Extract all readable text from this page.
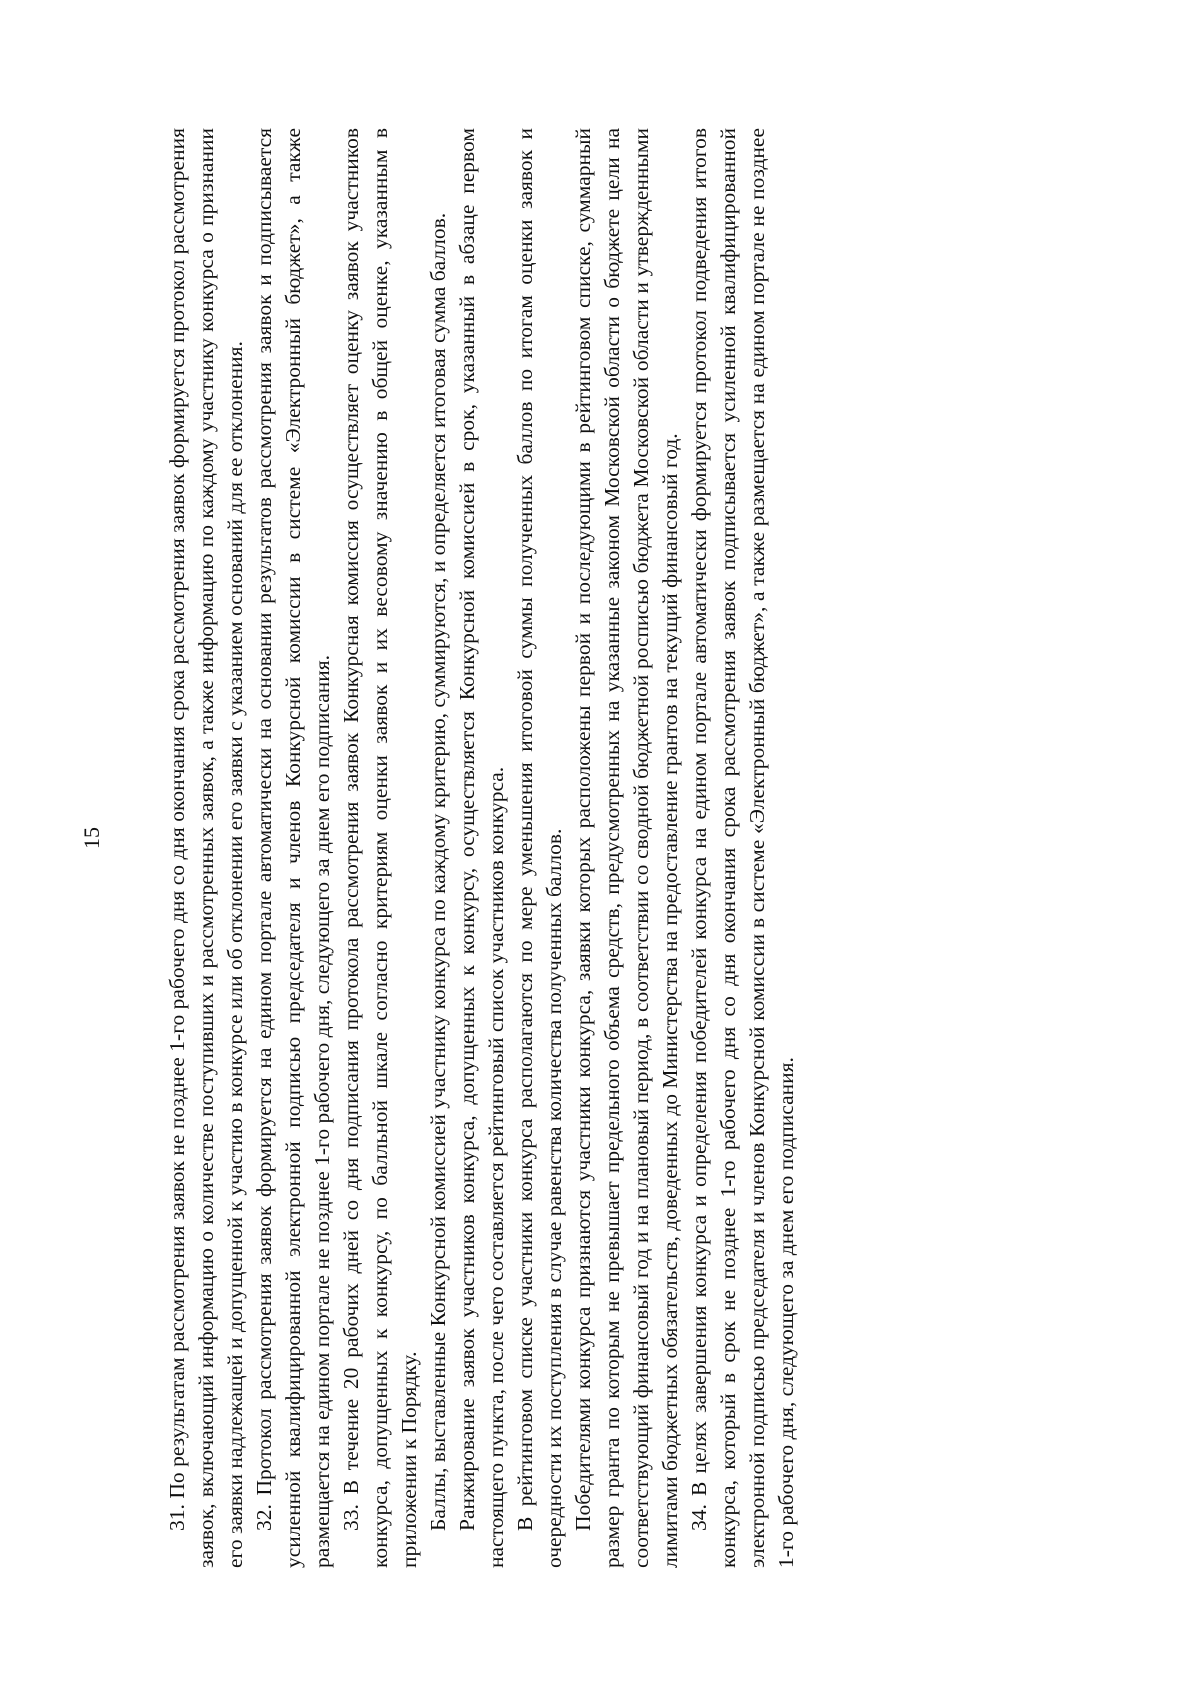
15	31. По результатам рассмотрения заявок не позднее 1-го рабочего дня со дня окончания срока рассмотрения заявок формируется протокол рассмотрения заявок, включающий информацию о количестве поступивших и рассмотренных заявок, а также информацию по каждому участнику конкурса о признании его заявки надлежащей и допущенной к участию в конкурсе или об отклонении его заявки с указанием оснований для ее отклонения. 32. Протокол рассмотрения заявок формируется на едином портале автоматически на основании результатов рассмотрения заявок и подписывается усиленной квалифицированной электронной подписью председателя и членов Конкурсной комиссии в системе «Электронный бюджет», а также размещается на едином портале не позднее 1-го рабочего дня, следующего за днем его подписания. 33. В течение 20 рабочих дней со дня подписания протокола рассмотрения заявок Конкурсная комиссия осуществляет оценку заявок участников конкурса, допущенных к конкурсу, по балльной шкале согласно критериям оценки заявок и их весовому значению в общей оценке, указанным в приложении к Порядку. Баллы, выставленные Конкурсной комиссией участнику конкурса по каждому критерию, суммируются, и определяется итоговая сумма баллов. Ранжирование заявок участников конкурса, допущенных к конкурсу, осуществляется Конкурсной комиссией в срок, указанный в абзаце первом настоящего пункта, после чего составляется рейтинговый список участников конкурса. В рейтинговом списке участники конкурса располагаются по мере уменьшения итоговой суммы полученных баллов по итогам оценки заявок и очередности их поступления в случае равенства количества полученных баллов. Победителями конкурса признаются участники конкурса, заявки которых расположены первой и последующими в рейтинговом списке, суммарный размер гранта по которым не превышает предельного объема средств, предусмотренных на указанные законом Московской области о бюджете цели на соответствующий финансовый год и на плановый период, в соответствии со сводной бюджетной росписью бюджета Московской области и утвержденными лимитами бюджетных обязательств, доведенных до Министерства на предоставление грантов на текущий финансовый год. 34. В целях завершения конкурса и определения победителей конкурса на едином портале автоматически формируется протокол подведения итогов конкурса, который в срок не позднее 1-го рабочего дня со дня окончания срока рассмотрения заявок подписывается усиленной квалифицированной электронной подписью председателя и членов Конкурсной комиссии в системе «Электронный бюджет», а также размещается на едином портале не позднее 1-го рабочего дня, следующего за днем его подписания.
